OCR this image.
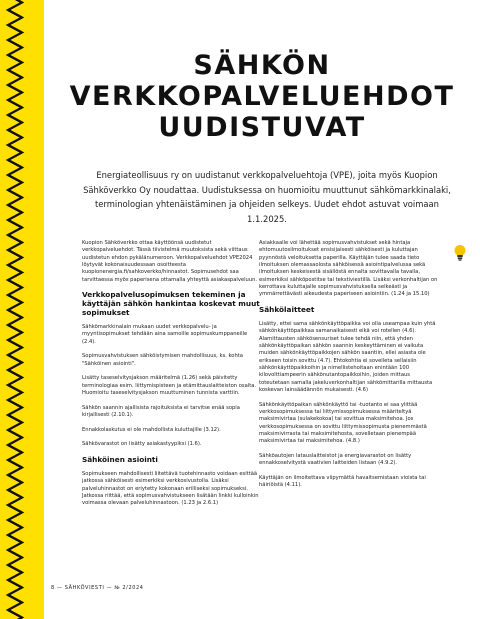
SÄHKÖN
VERKKOPALVELUEHDOT
UUDISTUVAT

Energiateollisuus ry on uudistanut verkkopalveluehtoja (VPE), joita myös Kuopion Sähköverkko Oy noudattaa. Uudistuksessa on huomioitu muuttunut sähkömarkkinalaki, terminologian yhtenäistäminen ja ohjeiden selkeys. Uudet ehdot astuvat voimaan 1.1.2025.

Kuopion Sähköverkko ottaa käyttöönsä uudistetut verkkopalveluehdot. Tässä tiivistelmä muutoksista sekä viittaus uudistetun ehdon pykälänumeroon. Verkkopalveluehdot VPE2024 löytyvät kokonaisuudessaan osoitteesta kuopionenergia.fi/sahkoverkko/hinnastot. Sopimusehdot saa tarvittaessa myös paperisena ottamalla yhteyttä asiakaspalveluun.

Verkkopalvelusopimuksen tekeminen ja käyttäjän sähkön hankintaa koskevat muut sopimukset

Sähkömarkkinalain mukaan uudet verkkopalvelu- ja myyntisopimukset tehdään aina samoille sopimuskumppaneille (2.4).

Sopimusvahvistuksen sähköistymisen mahdollisuus, ks. kohta "Sähköinen asiointi".

Lisätty taseselvitysjakson määritelmä (1.26) sekä päivitetty terminologiaa esim. liittymispisteen ja etämittauslaitteiston osalta. Huomioitu taseselvitysjakson muuttuminen tunnista varttiin.

Sähkön saannin ajallisista rajoituksista ei tarvitse enää sopia kirjallisesti (2.10.1).

Ennakkolaskutus ei ole mahdollista kuluttajille (3.12).

Sähkövarastot on lisätty asiakastyypiksi (1.6).

Sähköinen asiointi

Sopimukseen mahdollisesti liitettävä tuotehinnasto voidaan esittää jatkossa sähköisesti esimerkiksi verkkosivustolla. Lisäksi palveluhinnastot on eriytetty kokonaan erilliseksi sopimukseksi. Jatkossa riittää, että sopimusvahvistukseen lisätään linkki kulloinkin voimassa olevaan palveluhinnastoon. (1.23 ja 2.6.1)

Asiakkaalle voi lähettää sopimusvahvistukset sekä hintaja ehtomuutosilmoitukset ensisijaisesti sähköisesti ja kuluttajan pyynnöstä veloituksetta paperilla. Käyttäjän tulee saada tieto ilmoituksen olemassaolosta sähköisessä asiointipalvelussa sekä ilmoituksen keskeisestä sisällöstä ennalta sovittavalla tavalla, esimerkiksi sähköpostitse tai tekstiviestillä. Lisäksi verkonhaltijan on kerrottava kuluttajalle sopimusvahvistuksella selkeästi ja ymmärrettävästi aikeudesta paperiseen asiointiin. (1.24 ja 15.10)

Sähkölaitteet

Lisätty, ettei sama sähkönkäyttöpaikka voi olla useampaa kuin yhtä sähkönkäyttöpaikkaa samanaikaisesti eikä voi rotellen (4.6). Alamittausten sähkösensuriset tulee tehdä niin, että yhden sähkönkäyttöpaikan sähkön saannin keskeyttäminen ei vaikuta muiden sähkönkäyttöpaikkojen sähkön saantiin, ellei asiasta ole erikseen toisin sovittu (4.7). Ehtokohtia ei sovelleta sellaisiin sähkönkäyttöpaikkoihin ja nimellistehoitaan enintään 100 kilovolttiampeerin sähkönutantopaikkoihin, joiden mittaus toteutetaan samalla jakeluverkonhaltijan sähkömittarilla mittausta koskevan lainsäädännön mukaisesti. (4.6)

Sähkönkäyttöpaikan sähkönkäyttö tai -tuotanto ei saa ylittää verkkosopimuksessa tai liittymissopimuksessa määriteltyä maksimivirtaa (sulakekokoa) tai sovittua maksimitehoa. Jos verkkosopimuksessa on sovittu liittymissopimusta pienemmästä maksimivirrasta tai maksimitehosta, sovelletaan pienempää maksimivirtaa tai maksimitehoa. (4.8.)

Sähköautojen latauslaitteistot ja energiavarastot on lisätty ennakkoselvitystä vaativien laitteiden listaan (4.9.2).

Käyttäjän on ilmoitettava viipymättä havaitsemistaan vioista tai häiriöistä (4.11).

8 — SÄHKÖVIESTI — № 2/2024
